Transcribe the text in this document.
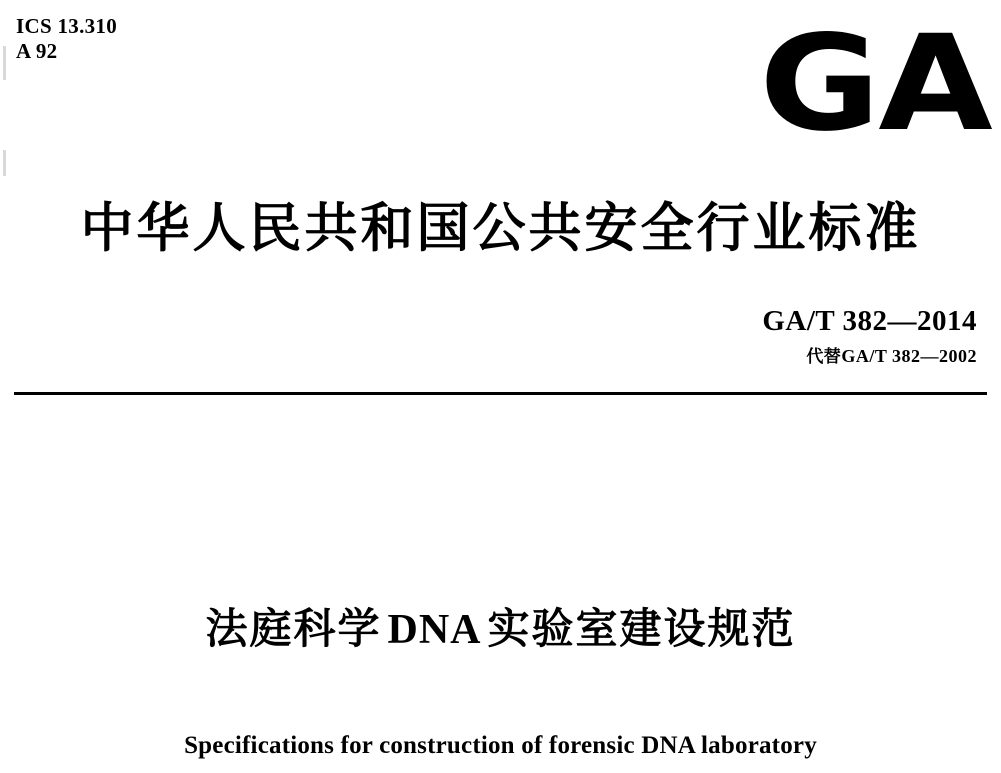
ICS 13.310
A 92	GA
中华人民共和国公共安全行业标准
GA/T 382—2014
代替GA/T 382—2002
法庭科学 DNA 实验室建设规范
Specifications for construction of forensic DNA laboratory
